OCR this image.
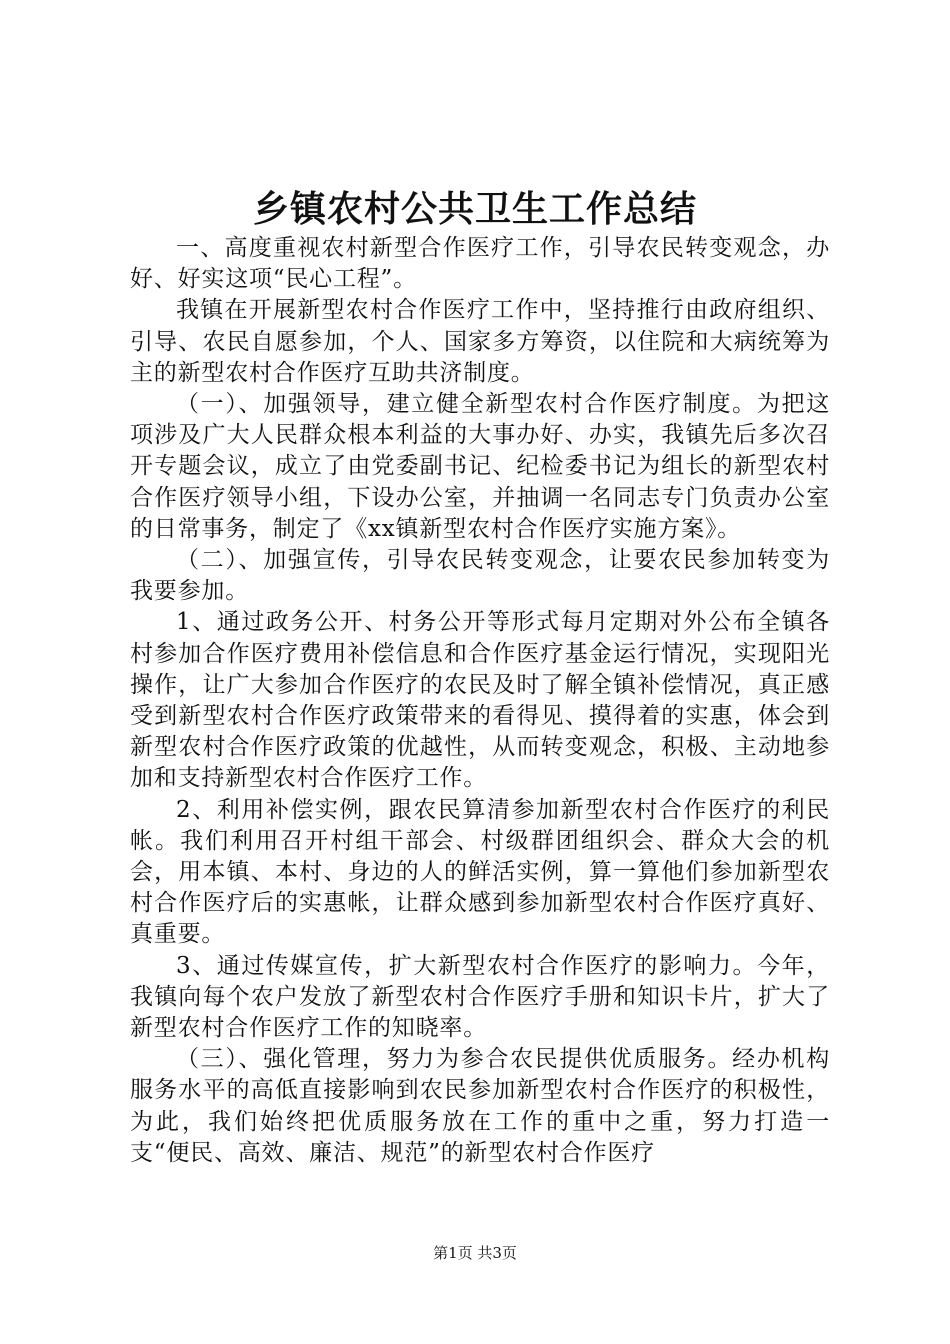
乡镇农村公共卫生工作总结

一、高度重视农村新型合作医疗工作，引导农民转变观念，办好、好实这项“民心工程”。

我镇在开展新型农村合作医疗工作中，坚持推行由政府组织、引导、农民自愿参加，个人、国家多方筹资，以住院和大病统筹为主的新型农村合作医疗互助共济制度。

（一）、加强领导，建立健全新型农村合作医疗制度。为把这项涉及广大人民群众根本利益的大事办好、办实，我镇先后多次召开专题会议，成立了由党委副书记、纪检委书记为组长的新型农村合作医疗领导小组，下设办公室，并抽调一名同志专门负责办公室的日常事务，制定了《xx镇新型农村合作医疗实施方案》。

（二）、加强宣传，引导农民转变观念，让要农民参加转变为我要参加。

1、通过政务公开、村务公开等形式每月定期对外公布全镇各村参加合作医疗费用补偿信息和合作医疗基金运行情况，实现阳光操作，让广大参加合作医疗的农民及时了解全镇补偿情况，真正感受到新型农村合作医疗政策带来的看得见、摸得着的实惠，体会到新型农村合作医疗政策的优越性，从而转变观念，积极、主动地参加和支持新型农村合作医疗工作。

2、利用补偿实例，跟农民算清参加新型农村合作医疗的利民帐。我们利用召开村组干部会、村级群团组织会、群众大会的机会，用本镇、本村、身边的人的鲜活实例，算一算他们参加新型农村合作医疗后的实惠帐，让群众感到参加新型农村合作医疗真好、真重要。

3、通过传媒宣传，扩大新型农村合作医疗的影响力。今年，我镇向每个农户发放了新型农村合作医疗手册和知识卡片，扩大了新型农村合作医疗工作的知晓率。

（三）、强化管理，努力为参合农民提供优质服务。经办机构服务水平的高低直接影响到农民参加新型农村合作医疗的积极性，为此，我们始终把优质服务放在工作的重中之重，努力打造一支“便民、高效、廉洁、规范”的新型农村合作医疗

第1页 共3页
